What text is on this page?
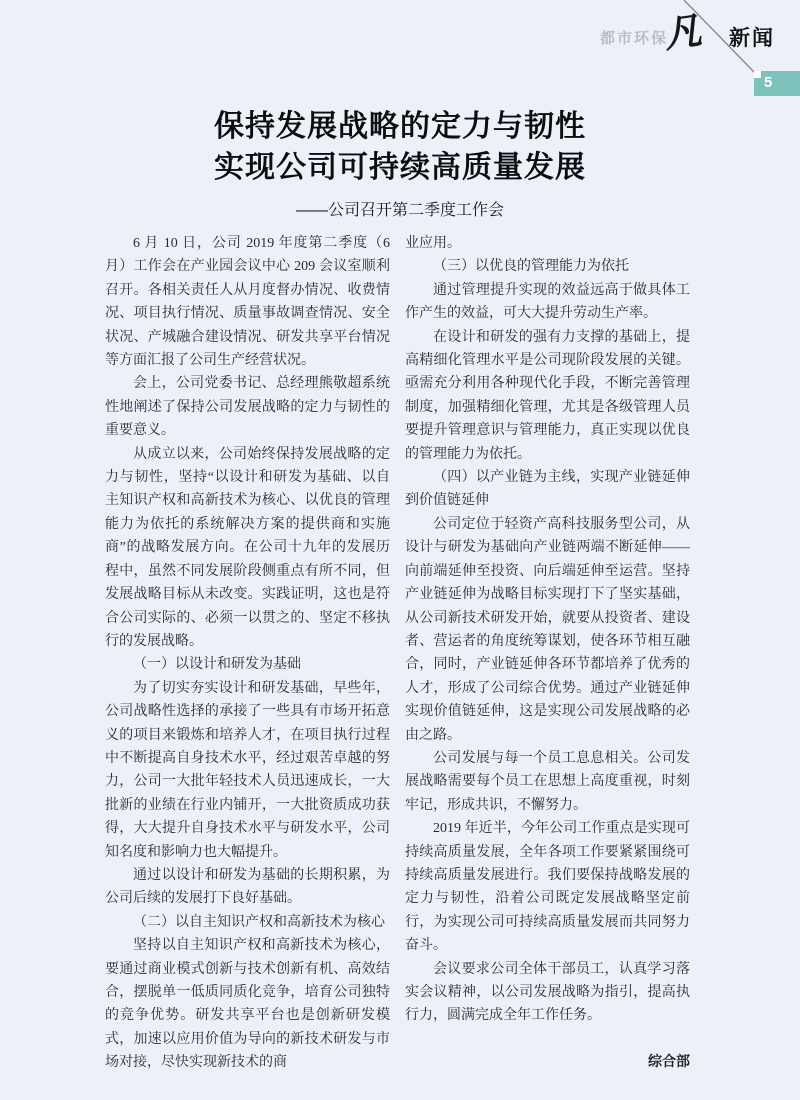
都市环保
凡 新闻
5
保持发展战略的定力与韧性
实现公司可持续高质量发展
——公司召开第二季度工作会

6 月 10 日，公司 2019 年度第二季度（6 月）工作会在产业园会议中心 209 会议室顺利召开。各相关责任人从月度督办情况、收费情况、项目执行情况、质量事故调查情况、安全状况、产城融合建设情况、研发共享平台情况等方面汇报了公司生产经营状况。

会上，公司党委书记、总经理熊敬超系统性地阐述了保持公司发展战略的定力与韧性的重要意义。

从成立以来，公司始终保持发展战略的定力与韧性，坚持“以设计和研发为基础、以自主知识产权和高新技术为核心、以优良的管理能力为依托的系统解决方案的提供商和实施商”的战略发展方向。在公司十九年的发展历程中，虽然不同发展阶段侧重点有所不同，但发展战略目标从未改变。实践证明，这也是符合公司实际的、必须一以贯之的、坚定不移执行的发展战略。

（一）以设计和研发为基础

为了切实夯实设计和研发基础，早些年，公司战略性选择的承接了一些具有市场开拓意义的项目来锻炼和培养人才，在项目执行过程中不断提高自身技术水平，经过艰苦卓越的努力，公司一大批年轻技术人员迅速成长，一大批新的业绩在行业内铺开，一大批资质成功获得，大大提升自身技术水平与研发水平，公司知名度和影响力也大幅提升。

通过以设计和研发为基础的长期积累，为公司后续的发展打下良好基础。

（二）以自主知识产权和高新技术为核心

坚持以自主知识产权和高新技术为核心，要通过商业模式创新与技术创新有机、高效结合，摆脱单一低质同质化竞争，培育公司独特的竞争优势。研发共享平台也是创新研发模式，加速以应用价值为导向的新技术研发与市场对接，尽快实现新技术的商

业应用。

（三）以优良的管理能力为依托

通过管理提升实现的效益远高于做具体工作产生的效益，可大大提升劳动生产率。

在设计和研发的强有力支撑的基础上，提高精细化管理水平是公司现阶段发展的关键。亟需充分利用各种现代化手段，不断完善管理制度，加强精细化管理，尤其是各级管理人员要提升管理意识与管理能力，真正实现以优良的管理能力为依托。

（四）以产业链为主线，实现产业链延伸到价值链延伸

公司定位于轻资产高科技服务型公司，从设计与研发为基础向产业链两端不断延伸——向前端延伸至投资、向后端延伸至运营。坚持产业链延伸为战略目标实现打下了坚实基础，从公司新技术研发开始，就要从投资者、建设者、营运者的角度统筹谋划，使各环节相互融合，同时，产业链延伸各环节都培养了优秀的人才，形成了公司综合优势。通过产业链延伸实现价值链延伸，这是实现公司发展战略的必由之路。

公司发展与每一个员工息息相关。公司发展战略需要每个员工在思想上高度重视，时刻牢记，形成共识，不懈努力。

2019 年近半，今年公司工作重点是实现可持续高质量发展，全年各项工作要紧紧围绕可持续高质量发展进行。我们要保持战略发展的定力与韧性，沿着公司既定发展战略坚定前行，为实现公司可持续高质量发展而共同努力奋斗。

会议要求公司全体干部员工，认真学习落实会议精神，以公司发展战略为指引，提高执行力，圆满完成全年工作任务。

综合部
